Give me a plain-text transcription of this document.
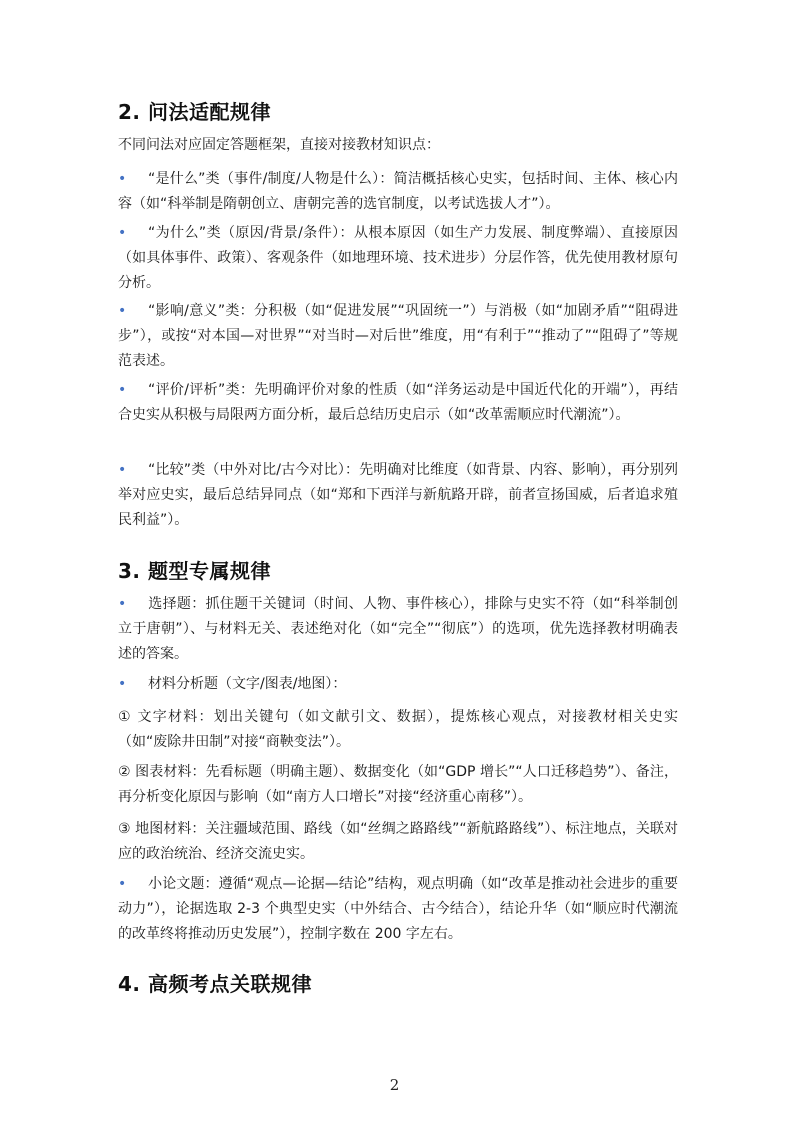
2. 问法适配规律

不同问法对应固定答题框架，直接对接教材知识点：

• “是什么”类（事件/制度/人物是什么）：简洁概括核心史实，包括时间、主体、核心内容（如“科举制是隋朝创立、唐朝完善的选官制度，以考试选拔人才”）。

• “为什么”类（原因/背景/条件）：从根本原因（如生产力发展、制度弊端）、直接原因（如具体事件、政策）、客观条件（如地理环境、技术进步）分层作答，优先使用教材原句分析。

• “影响/意义”类：分积极（如“促进发展”“巩固统一”）与消极（如“加剧矛盾”“阻碍进步”），或按“对本国—对世界”“对当时—对后世”维度，用“有利于”“推动了”“阻碍了”等规范表述。

• “评价/评析”类：先明确评价对象的性质（如“洋务运动是中国近代化的开端”），再结合史实从积极与局限两方面分析，最后总结历史启示（如“改革需顺应时代潮流”）。

• “比较”类（中外对比/古今对比）：先明确对比维度（如背景、内容、影响），再分别列举对应史实，最后总结异同点（如“郑和下西洋与新航路开辟，前者宣扬国威，后者追求殖民利益”）。

3. 题型专属规律

• 选择题：抓住题干关键词（时间、人物、事件核心），排除与史实不符（如“科举制创立于唐朝”）、与材料无关、表述绝对化（如“完全”“彻底”）的选项，优先选择教材明确表述的答案。

• 材料分析题（文字/图表/地图）：

① 文字材料：划出关键句（如文献引文、数据），提炼核心观点，对接教材相关史实（如“废除井田制”对接“商鞅变法”）。

② 图表材料：先看标题（明确主题）、数据变化（如“GDP 增长”“人口迁移趋势”）、备注，再分析变化原因与影响（如“南方人口增长”对接“经济重心南移”）。

③ 地图材料：关注疆域范围、路线（如“丝绸之路路线”“新航路路线”）、标注地点，关联对应的政治统治、经济交流史实。

• 小论文题：遵循“观点—论据—结论”结构，观点明确（如“改革是推动社会进步的重要动力”），论据选取 2-3 个典型史实（中外结合、古今结合），结论升华（如“顺应时代潮流的改革终将推动历史发展”），控制字数在 200 字左右。

4. 高频考点关联规律
2
